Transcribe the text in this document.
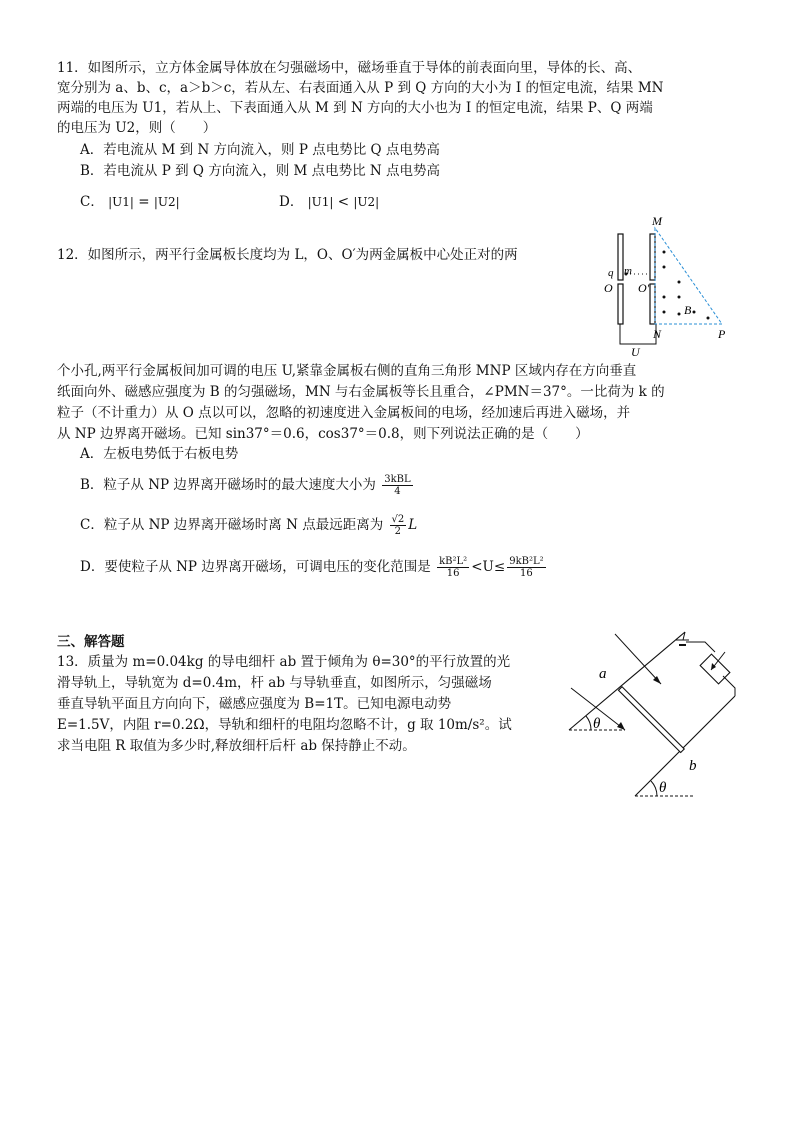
11．如图所示，立方体金属导体放在匀强磁场中，磁场垂直于导体的前表面向里，导体的长、高、
宽分别为 a、b、c，a＞b＞c，若从左、右表面通入从 P 到 Q 方向的大小为 I 的恒定电流，结果 MN
两端的电压为 U1，若从上、下表面通入从 M 到 N 方向的大小也为 I 的恒定电流，结果 P、Q 两端
的电压为 U2，则（　　）
A．若电流从 M 到 N 方向流入，则 P 点电势比 Q 点电势高
B．若电流从 P 到 Q 方向流入，则 M 点电势比 N 点电势高
C． |U1| = |U2|	D． |U1| < |U2|
12．如图所示，两平行金属板长度均为 L，O、O′为两金属板中心处正对的两
M
q m
O O′
B
N	P
U
个小孔,两平行金属板间加可调的电压 U,紧靠金属板右侧的直角三角形 MNP 区域内存在方向垂直
纸面向外、磁感应强度为 B 的匀强磁场，MN 与右金属板等长且重合，∠PMN＝37°。一比荷为 k 的
粒子（不计重力）从 O 点以可以，忽略的初速度进入金属板间的电场，经加速后再进入磁场，并
从 NP 边界离开磁场。已知 sin37°＝0.6，cos37°＝0.8，则下列说法正确的是（　　）
A．左板电势低于右板电势
B．粒子从 NP 边界离开磁场时的最大速度大小为 $\frac{\text{3kBL}}{4}$
C．粒子从 NP 边界离开磁场时离 N 点最远距离为 $\frac{√2}{2}$ L
D．要使粒子从 NP 边界离开磁场，可调电压的变化范围是 $\frac{\text{kB²L²}}{16} <U\le \frac{\text{9kB²L²}}{16}$
三、解答题
13．质量为 m=0.04kg 的导电细杆 ab 置于倾角为 θ=30°的平行放置的光
滑导轨上，导轨宽为 d=0.4m，杆 ab 与导轨垂直，如图所示，匀强磁场
垂直导轨平面且方向向下，磁感应强度为 B=1T。已知电源电动势
E=1.5V，内阻 r=0.2Ω，导轨和细杆的电阻均忽略不计，g 取 10m/s²。试
求当电阻 R 取值为多少时,释放细杆后杆 ab 保持静止不动。
a
θ
b
θ
